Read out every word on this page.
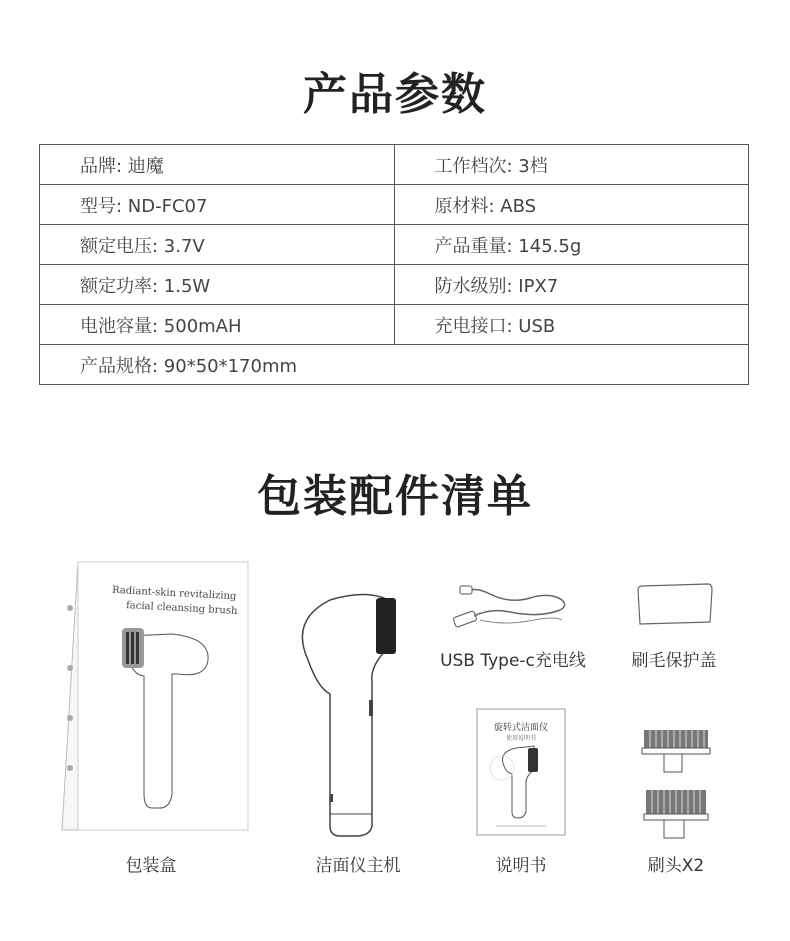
产品参数
品牌: 迪魔	工作档次: 3档
型号: ND-FC07	原材料: ABS
额定电压: 3.7V	产品重量: 145.5g
额定功率: 1.5W	防水级别: IPX7
电池容量: 500mAH	充电接口: USB
产品规格: 90*50*170mm	
包装配件清单
Radiant-skin revitalizing
facial cleansing brush
USB Type-c充电线	刷毛保护盖
旋转式洁面仪
使用说明书
包装盒	洁面仪主机	说明书	刷头X2
